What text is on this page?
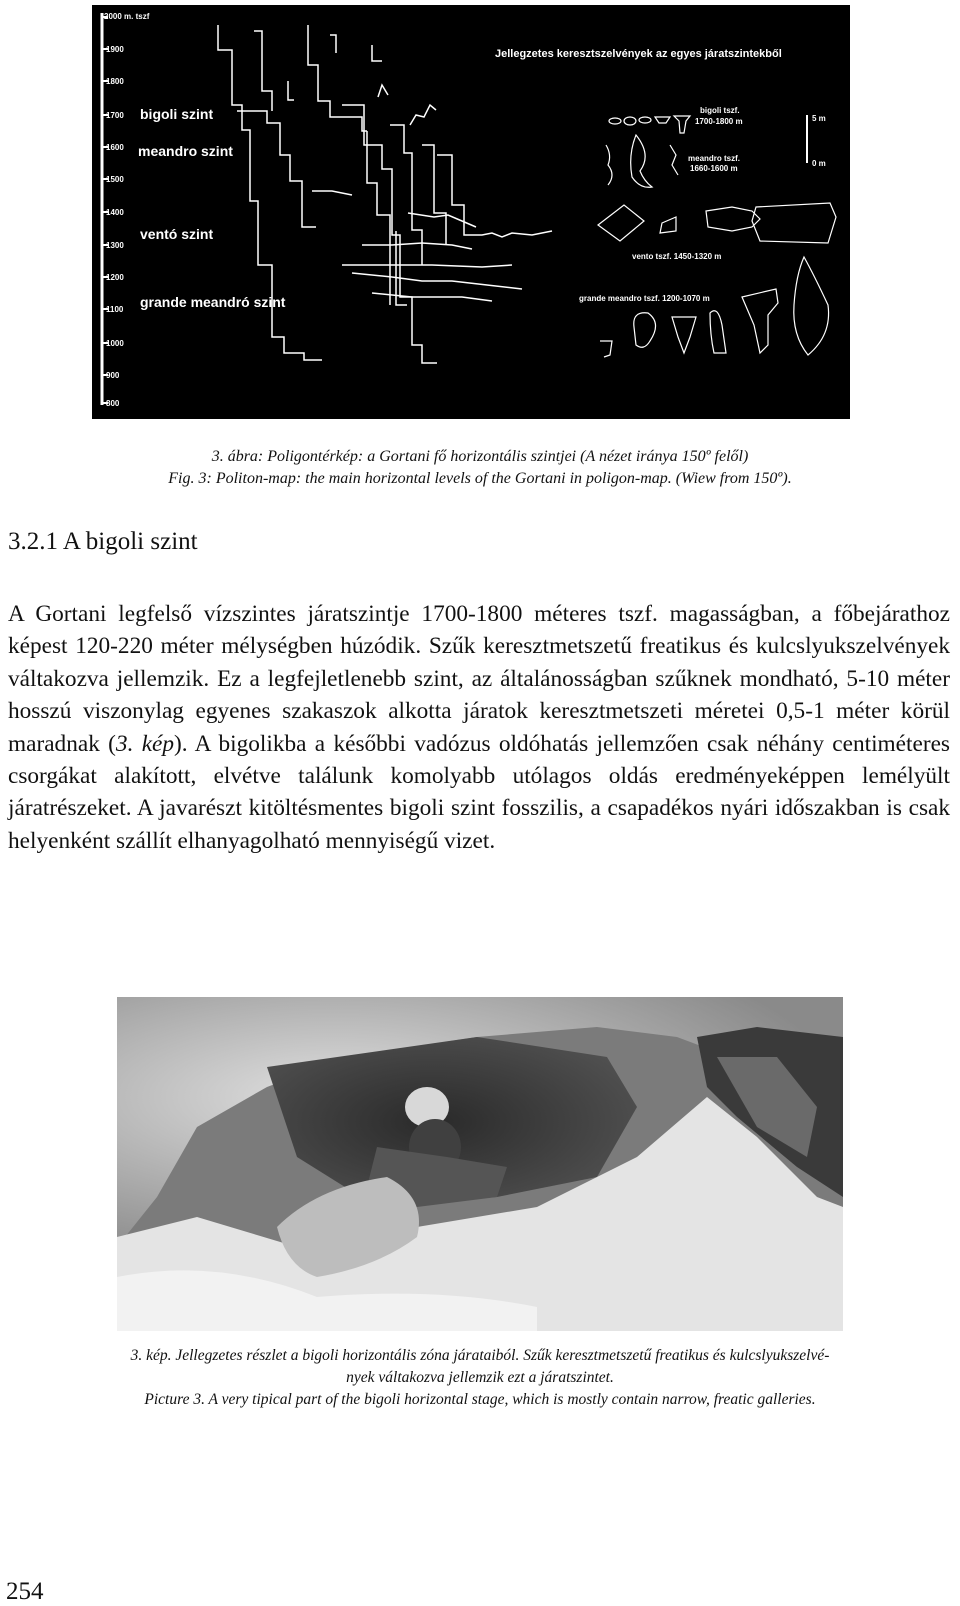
2000 m. tszf
1900
1800
1700
1600
1500
1400
1300
1200
1100
1000
900
800
bigoli szint
meandro szint
ventó szint
grande meandró szint
Jellegzetes keresztszelvények az egyes járatszintekből
bigoli tszf.
1700-1800 m
meandro tszf.
1660-1600 m
vento tszf. 1450-1320 m
grande meandro tszf. 1200-1070 m
5 m
0 m
3. ábra: Poligontérkép: a Gortani fő horizontális szintjei (A nézet iránya 150º felől)
Fig. 3: Politon-map: the main horizontal levels of the Gortani in poligon-map. (Wiew from 150º).
3.2.1 A bigoli szint

A Gortani legfelső vízszintes járatszintje 1700-1800 méteres tszf. magasságban, a főbejárathoz képest 120-220 méter mélységben húzódik. Szűk keresztmetszetű freatikus és kulcslyukszelvények váltakozva jellemzik. Ez a legfejletlenebb szint, az általánosságban szűknek mondható, 5-10 méter hosszú viszonylag egyenes szakaszok alkotta járatok keresztmetszeti méretei 0,5-1 méter körül maradnak (3. kép). A bigolikba a későbbi vadózus oldóhatás jellemzően csak néhány centiméteres csorgákat alakított, elvétve találunk komolyabb utólagos oldás eredményeképpen lemélyült járatrészeket. A javarészt kitöltésmentes bigoli szint fosszilis, a csapadékos nyári időszakban is csak helyenként szállít elhanyagolható mennyiségű vizet.

3. kép. Jellegzetes részlet a bigoli horizontális zóna járataiból. Szűk keresztmetszetű freatikus és kulcslyukszelvé-
nyek váltakozva jellemzik ezt a járatszintet.
Picture 3. A very tipical part of the bigoli horizontal stage, which is mostly contain narrow, freatic galleries.
254
